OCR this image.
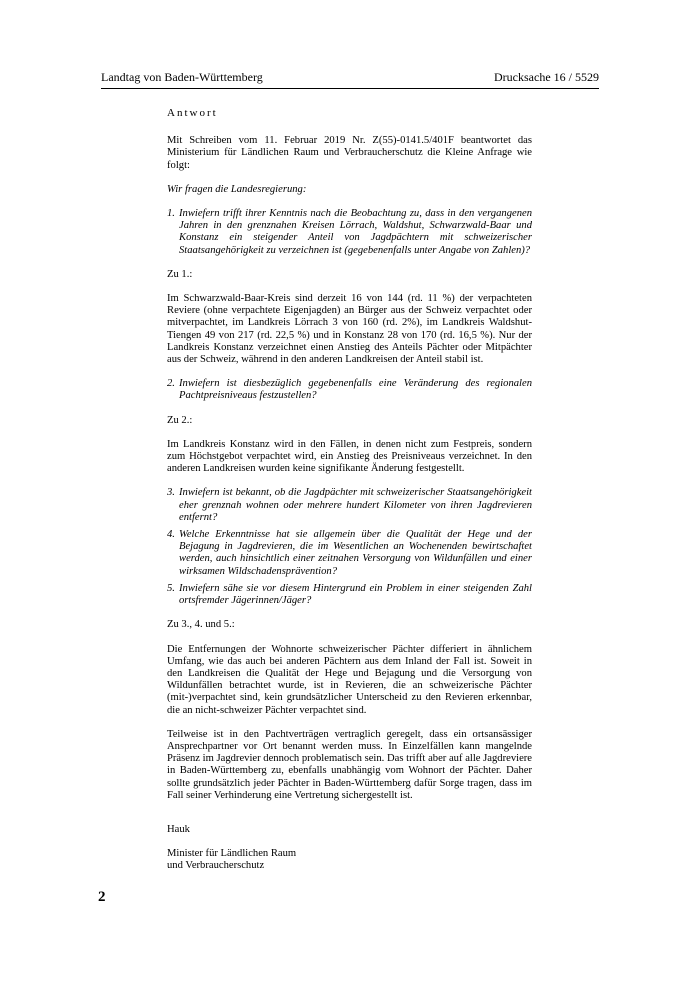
Landtag von Baden-Württemberg	Drucksache 16 / 5529

Antwort

Mit Schreiben vom 11. Februar 2019 Nr. Z(55)-0141.5/401F beantwortet das Ministerium für Ländlichen Raum und Verbraucherschutz die Kleine Anfrage wie folgt:

Wir fragen die Landesregierung:

1. Inwiefern trifft ihrer Kenntnis nach die Beobachtung zu, dass in den vergangenen Jahren in den grenznahen Kreisen Lörrach, Waldshut, Schwarzwald-Baar und Konstanz ein steigender Anteil von Jagdpächtern mit schweizerischer Staatsangehörigkeit zu verzeichnen ist (gegebenenfalls unter Angabe von Zahlen)?

Zu 1.:

Im Schwarzwald-Baar-Kreis sind derzeit 16 von 144 (rd. 11 %) der verpachteten Reviere (ohne verpachtete Eigenjagden) an Bürger aus der Schweiz verpachtet oder mitverpachtet, im Landkreis Lörrach 3 von 160 (rd. 2%), im Landkreis Waldshut-Tiengen 49 von 217 (rd. 22,5 %) und in Konstanz 28 von 170 (rd. 16,5 %). Nur der Landkreis Konstanz verzeichnet einen Anstieg des Anteils Pächter oder Mitpächter aus der Schweiz, während in den anderen Landkreisen der Anteil stabil ist.

2. Inwiefern ist diesbezüglich gegebenenfalls eine Veränderung des regionalen Pachtpreisniveaus festzustellen?

Zu 2.:

Im Landkreis Konstanz wird in den Fällen, in denen nicht zum Festpreis, sondern zum Höchstgebot verpachtet wird, ein Anstieg des Preisniveaus verzeichnet. In den anderen Landkreisen wurden keine signifikante Änderung festgestellt.

3. Inwiefern ist bekannt, ob die Jagdpächter mit schweizerischer Staatsangehörigkeit eher grenznah wohnen oder mehrere hundert Kilometer von ihren Jagdrevieren entfernt?
4. Welche Erkenntnisse hat sie allgemein über die Qualität der Hege und der Bejagung in Jagdrevieren, die im Wesentlichen an Wochenenden bewirtschaftet werden, auch hinsichtlich einer zeitnahen Versorgung von Wildunfällen und einer wirksamen Wildschadensprävention?
5. Inwiefern sähe sie vor diesem Hintergrund ein Problem in einer steigenden Zahl ortsfremder Jägerinnen/Jäger?

Zu 3., 4. und 5.:

Die Entfernungen der Wohnorte schweizerischer Pächter differiert in ähnlichem Umfang, wie das auch bei anderen Pächtern aus dem Inland der Fall ist. Soweit in den Landkreisen die Qualität der Hege und Bejagung und die Versorgung von Wildunfällen betrachtet wurde, ist in Revieren, die an schweizerische Pächter (mit-)verpachtet sind, kein grundsätzlicher Unterscheid zu den Revieren erkennbar, die an nicht-schweizer Pächter verpachtet sind.

Teilweise ist in den Pachtverträgen vertraglich geregelt, dass ein ortsansässiger Ansprechpartner vor Ort benannt werden muss. In Einzelfällen kann mangelnde Präsenz im Jagdrevier dennoch problematisch sein. Das trifft aber auf alle Jagdreviere in Baden-Württemberg zu, ebenfalls unabhängig vom Wohnort der Pächter. Daher sollte grundsätzlich jeder Pächter in Baden-Württemberg dafür Sorge tragen, dass im Fall seiner Verhinderung eine Vertretung sichergestellt ist.

Hauk

Minister für Ländlichen Raum

und Verbraucherschutz

2
